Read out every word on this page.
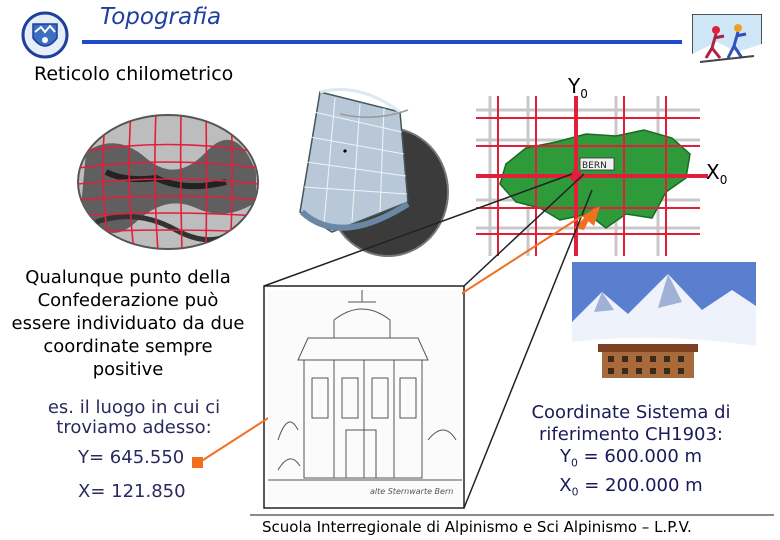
Topografia
Reticolo chilometrico
BERN
$Y_0$
$X_0$
alte Sternwarte Bern
Qualunque punto della Confederazione può essere individuato da due coordinate sempre positive
es. il luogo in cui ci troviamo adesso:
Y= 645.550
X= 121.850
Coordinate Sistema di riferimento CH1903:
$Y_0 = 600.000$ m
$X_0 = 200.000$ m
Scuola Interregionale di Alpinismo e Sci Alpinismo – L.P.V.
